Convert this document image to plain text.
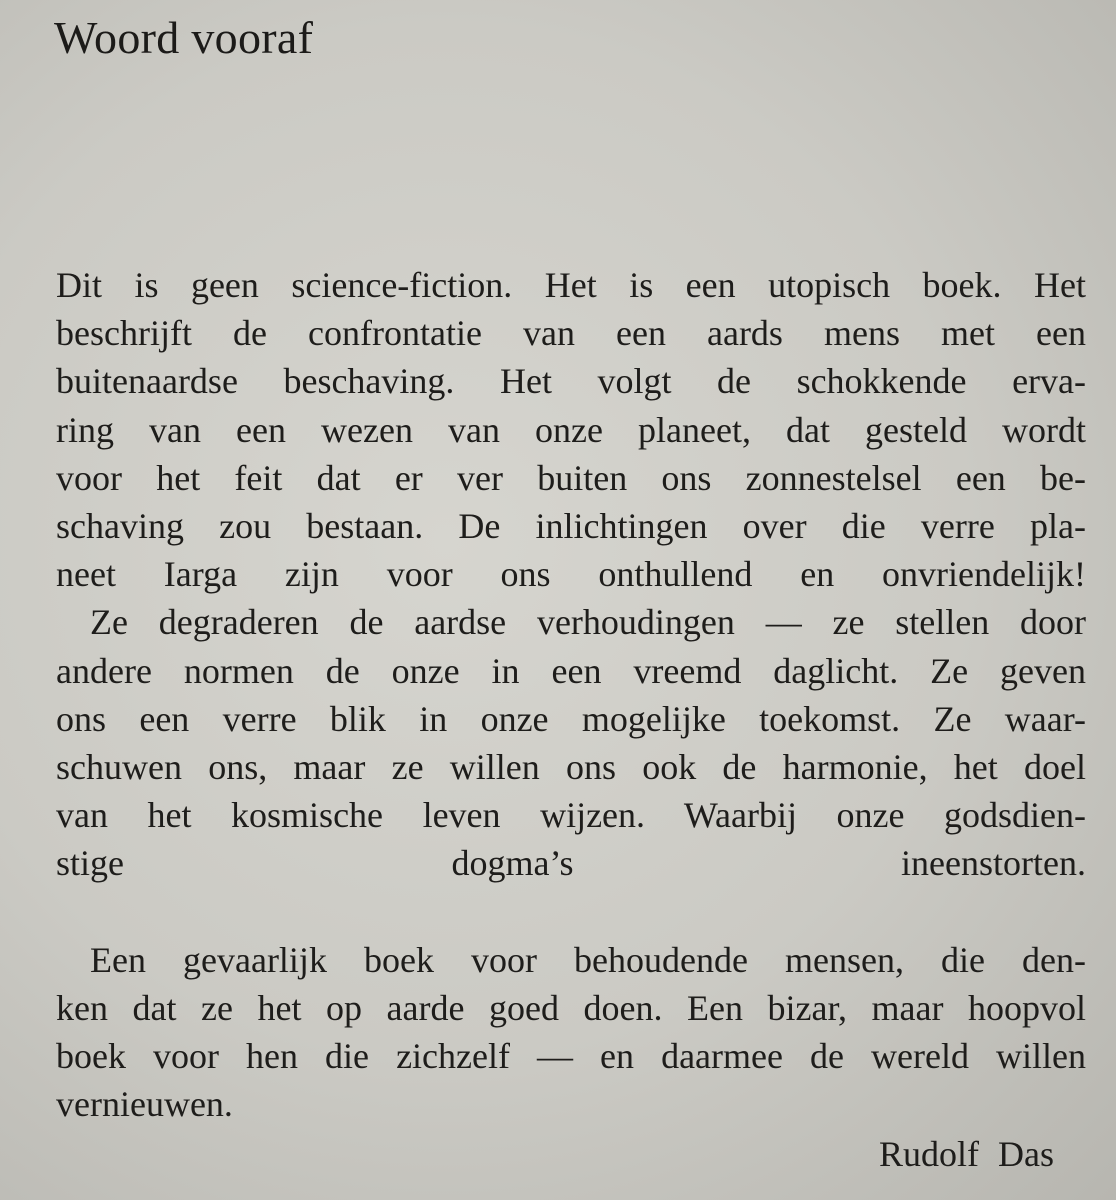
Woord vooraf
Dit is geen science-fiction. Het is een utopisch boek. Het
beschrijft de confrontatie van een aards mens met een
buitenaardse beschaving. Het volgt de schokkende erva-
ring van een wezen van onze planeet, dat gesteld wordt
voor het feit dat er ver buiten ons zonnestelsel een be-
schaving zou bestaan. De inlichtingen over die verre pla-
neet Iarga zijn voor ons onthullend en onvriendelijk!
Ze degraderen de aardse verhoudingen — ze stellen door
andere normen de onze in een vreemd daglicht. Ze geven
ons een verre blik in onze mogelijke toekomst. Ze waar-
schuwen ons, maar ze willen ons ook de harmonie, het doel
van het kosmische leven wijzen. Waarbij onze godsdien-
stige dogma’s ineenstorten.
Een gevaarlijk boek voor behoudende mensen, die den-
ken dat ze het op aarde goed doen. Een bizar, maar hoopvol
boek voor hen die zichzelf — en daarmee de wereld willen
vernieuwen.

Rudolf Das
